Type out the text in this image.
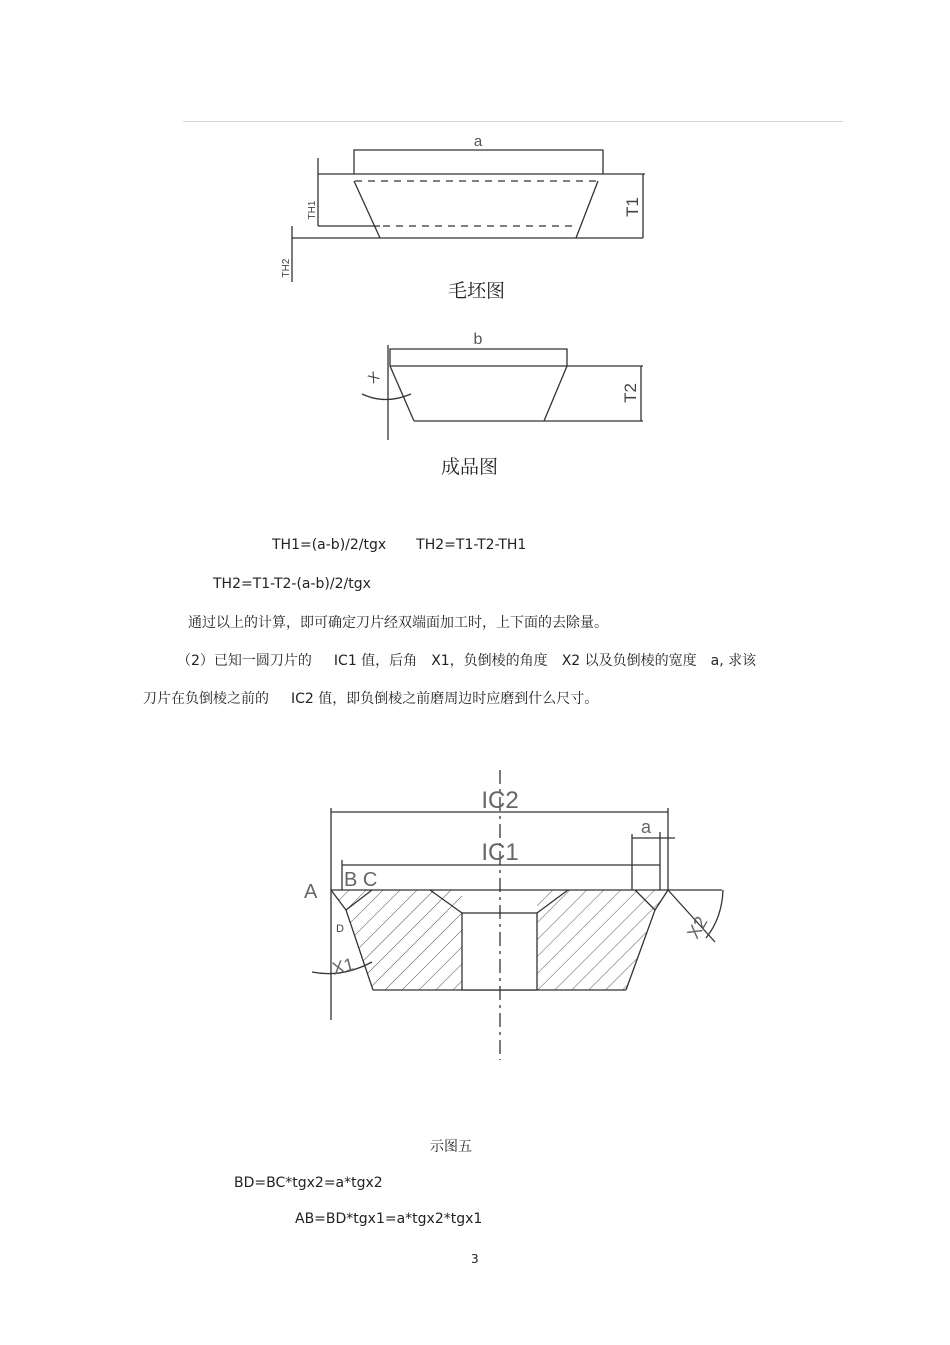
a
T1
TH1
TH2
毛坯图
b
T2
X
成品图
TH1=(a-b)/2/tgx TH2=T1-T2-TH1
TH2=T1-T2-(a-b)/2/tgx
通过以上的计算，即可确定刀片经双端面加工时，上下面的去除量。
（2）已知一圆刀片的 IC1 值，后角 X1，负倒棱的角度 X2 以及负倒棱的宽度 a, 求该
刀片在负倒棱之前的 IC2 值，即负倒棱之前磨周边时应磨到什么尺寸。
IC2
IC1
a
A
B C
D
X1
X2
示图五
BD=BC*tgx2=a*tgx2
AB=BD*tgx1=a*tgx2*tgx1
3
